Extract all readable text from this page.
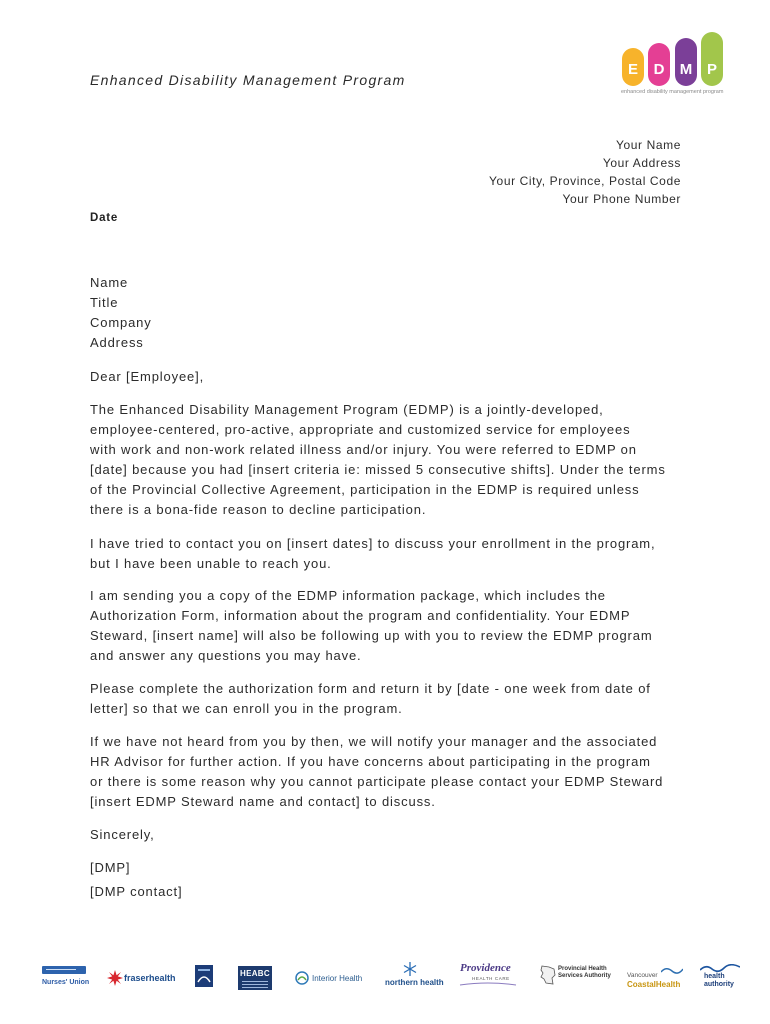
Enhanced Disability Management Program
E	D	M P
enhanced disability management program
Your Name
Your Address
Your City, Province, Postal Code
Your Phone Number
Date
Name
Title
Company
Address
Dear [Employee],
The Enhanced Disability Management Program (EDMP) is a jointly-developed,
employee-centered, pro-active, appropriate and customized service for employees
with work and non-work related illness and/or injury. You were referred to EDMP on
[date] because you had [insert criteria ie: missed 5 consecutive shifts]. Under the terms
of the Provincial Collective Agreement, participation in the EDMP is required unless
there is a bona-fide reason to decline participation.
I have tried to contact you on [insert dates] to discuss your enrollment in the program,
but I have been unable to reach you.
I am sending you a copy of the EDMP information package, which includes the
Authorization Form, information about the program and confidentiality. Your EDMP
Steward, [insert name] will also be following up with you to review the EDMP program
and answer any questions you may have.
Please complete the authorization form and return it by [date - one week from date of
letter] so that we can enroll you in the program.
If we have not heard from you by then, we will notify your manager and the associated
HR Advisor for further action. If you have concerns about participating in the program
or there is some reason why you cannot participate please contact your EDMP Steward
[insert EDMP Steward name and contact] to discuss.
Sincerely,
[DMP]
[DMP contact]
Nurses' Union	fraserhealth	HEABC
Interior Health	northern health
Providence
HEALTH CARE
Provincial Health
Services Authority Vancouver
CoastalHealth
health
authority
